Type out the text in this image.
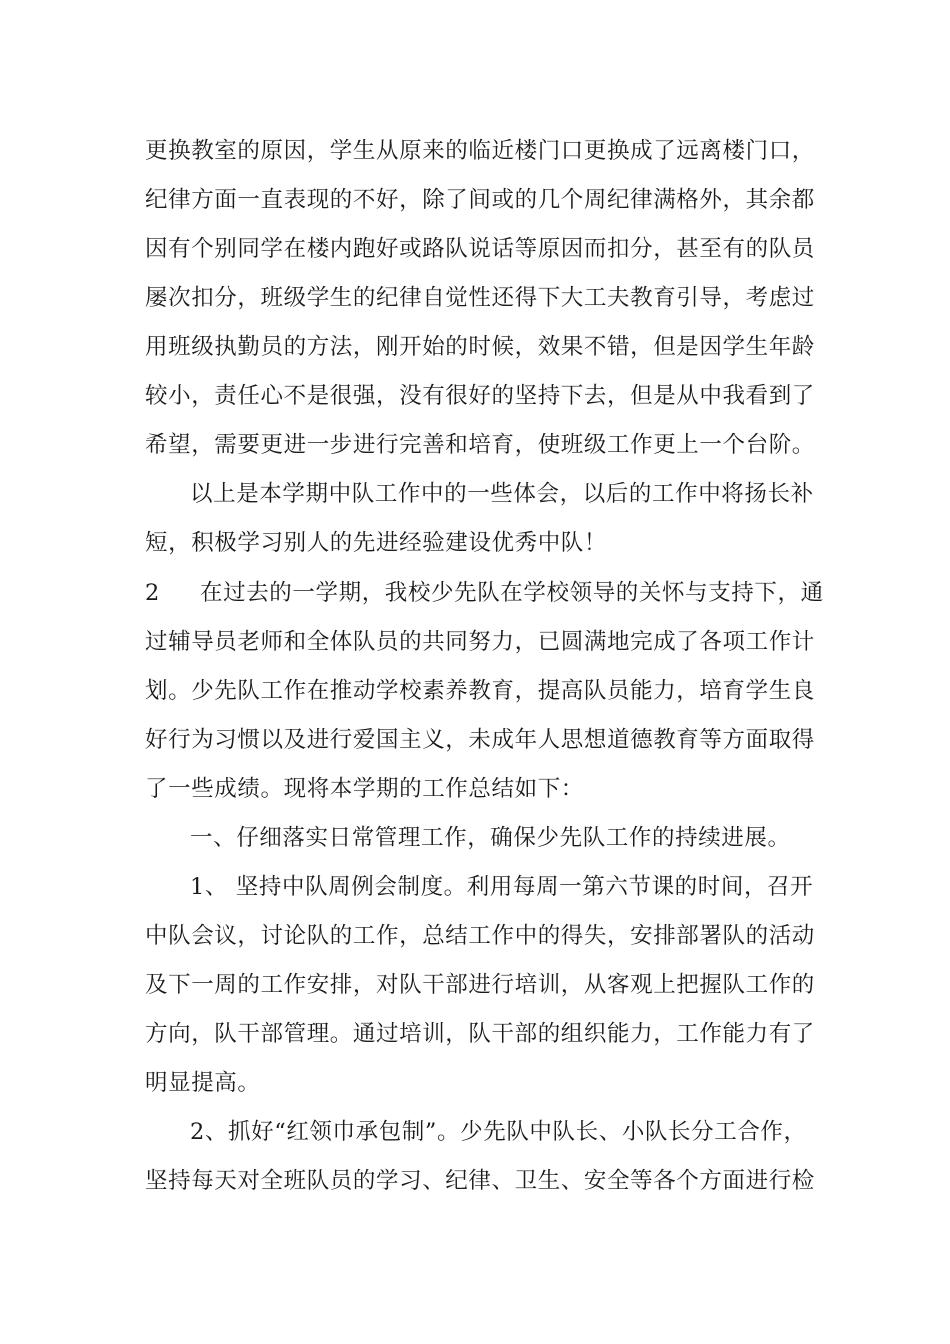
更换教室的原因，学生从原来的临近楼门口更换成了远离楼门口，
纪律方面一直表现的不好，除了间或的几个周纪律满格外，其余都
因有个别同学在楼内跑好或路队说话等原因而扣分，甚至有的队员
屡次扣分，班级学生的纪律自觉性还得下大工夫教育引导，考虑过
用班级执勤员的方法，刚开始的时候，效果不错，但是因学生年龄
较小，责任心不是很强，没有很好的坚持下去，但是从中我看到了
希望，需要更进一步进行完善和培育，使班级工作更上一个台阶。
以上是本学期中队工作中的一些体会，以后的工作中将扬长补
短，积极学习别人的先进经验建设优秀中队！
2 在过去的一学期，我校少先队在学校领导的关怀与支持下，通
过辅导员老师和全体队员的共同努力，已圆满地完成了各项工作计
划。少先队工作在推动学校素养教育，提高队员能力，培育学生良
好行为习惯以及进行爱国主义，未成年人思想道德教育等方面取得
了一些成绩。现将本学期的工作总结如下：
一、仔细落实日常管理工作，确保少先队工作的持续进展。
1、 坚持中队周例会制度。利用每周一第六节课的时间，召开
中队会议，讨论队的工作，总结工作中的得失，安排部署队的活动
及下一周的工作安排，对队干部进行培训，从客观上把握队工作的
方向，队干部管理。通过培训，队干部的组织能力，工作能力有了
明显提高。
2、抓好“红领巾承包制”。少先队中队长、小队长分工合作，
坚持每天对全班队员的学习、纪律、卫生、安全等各个方面进行检
